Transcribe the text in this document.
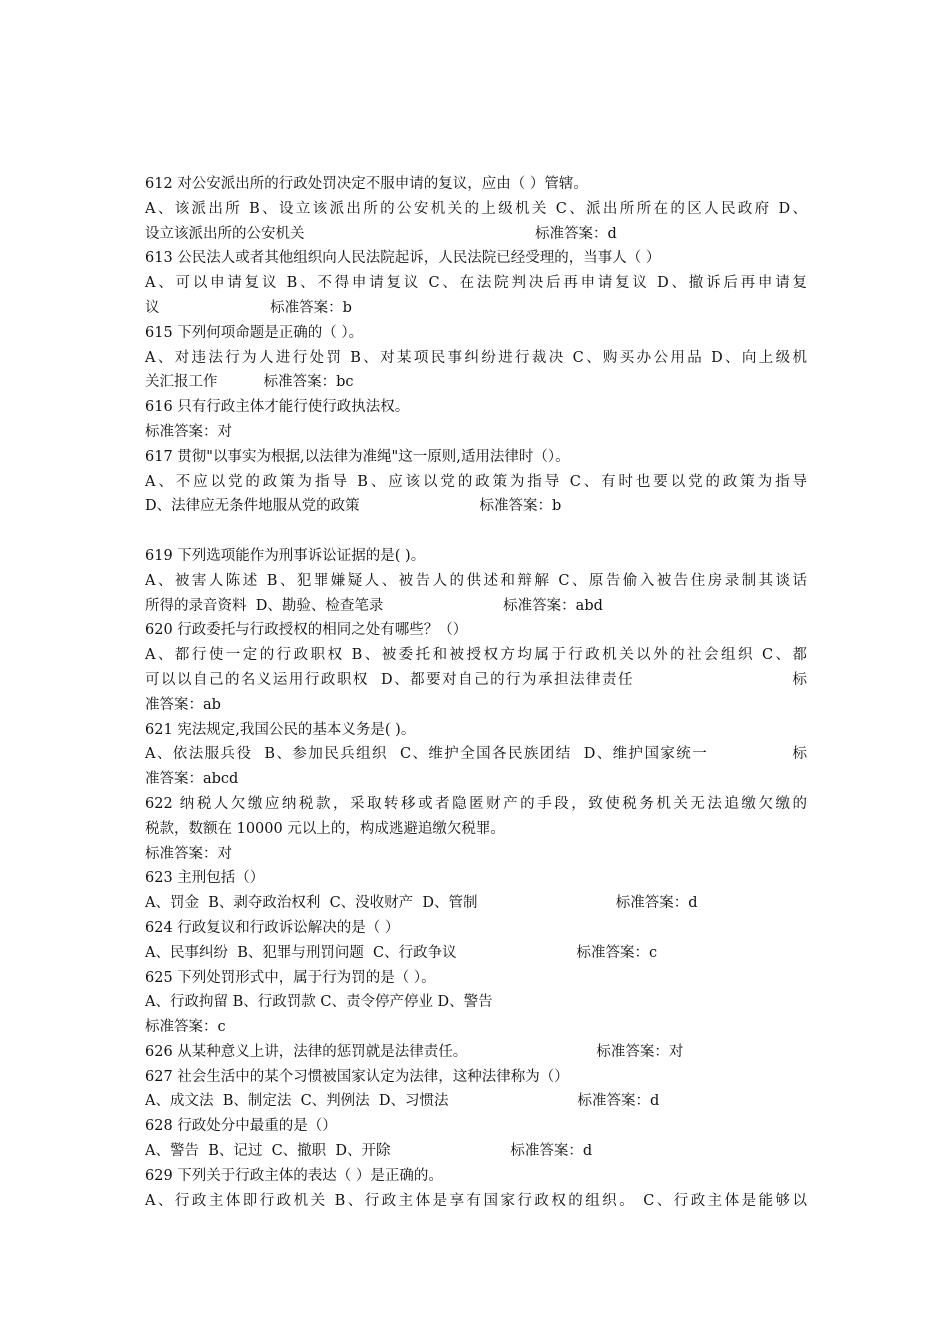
612 对公安派出所的行政处罚决定不服申请的复议，应由（ ）管辖。
A、该派出所 B、设立该派出所的公安机关的上级机关 C、派出所所在的区人民政府 D、
设立该派出所的公安机关                                                  标准答案：d
613 公民法人或者其他组织向人民法院起诉，人民法院已经受理的，当事人（ ）
A、可以申请复议 B、不得申请复议 C、在法院判决后再申请复议 D、撤诉后再申请复
议                        标准答案：b
615 下列何项命题是正确的（ ）。
A、对违法行为人进行处罚 B、对某项民事纠纷进行裁决 C、购买办公用品 D、向上级机
关汇报工作          标准答案：bc
616 只有行政主体才能行使行政执法权。
标准答案：对
617 贯彻"以事实为根据,以法律为准绳"这一原则,适用法律时（）。
A、不应以党的政策为指导 B、应该以党的政策为指导 C、有时也要以党的政策为指导
D、法律应无条件地服从党的政策                          标准答案：b
619 下列选项能作为刑事诉讼证据的是( )。
A、被害人陈述 B、犯罪嫌疑人、被告人的供述和辩解 C、原告偷入被告住房录制其谈话
所得的录音资料  D、勘验、检查笔录                          标准答案：abd
620 行政委托与行政授权的相同之处有哪些？（）
A、都行使一定的行政职权 B、被委托和被授权方均属于行政机关以外的社会组织 C、都
可以以自己的名义运用行政职权  D、都要对自己的行为承担法律责任                          标
准答案：ab
621 宪法规定,我国公民的基本义务是( )。
A、依法服兵役  B、参加民兵组织  C、维护全国各民族团结  D、维护国家统一              标
准答案：abcd
622 纳税人欠缴应纳税款，采取转移或者隐匿财产的手段，致使税务机关无法追缴欠缴的
税款，数额在 10000 元以上的，构成逃避追缴欠税罪。
标准答案：对
623 主刑包括（）
A、罚金  B、剥夺政治权利  C、没收财产  D、管制                              标准答案：d
624 行政复议和行政诉讼解决的是（ ）
A、民事纠纷  B、犯罪与刑罚问题  C、行政争议                          标准答案：c
625 下列处罚形式中，属于行为罚的是（ ）。
A、行政拘留 B、行政罚款 C、责令停产停业 D、警告
标准答案：c
626 从某种意义上讲，法律的惩罚就是法律责任。                            标准答案：对
627 社会生活中的某个习惯被国家认定为法律，这种法律称为（）
A、成文法  B、制定法  C、判例法  D、习惯法                            标准答案：d
628 行政处分中最重的是（）
A、警告  B、记过  C、撤职  D、开除                          标准答案：d
629 下列关于行政主体的表达（ ）是正确的。
A、行政主体即行政机关 B、行政主体是享有国家行政权的组织。 C、行政主体是能够以
